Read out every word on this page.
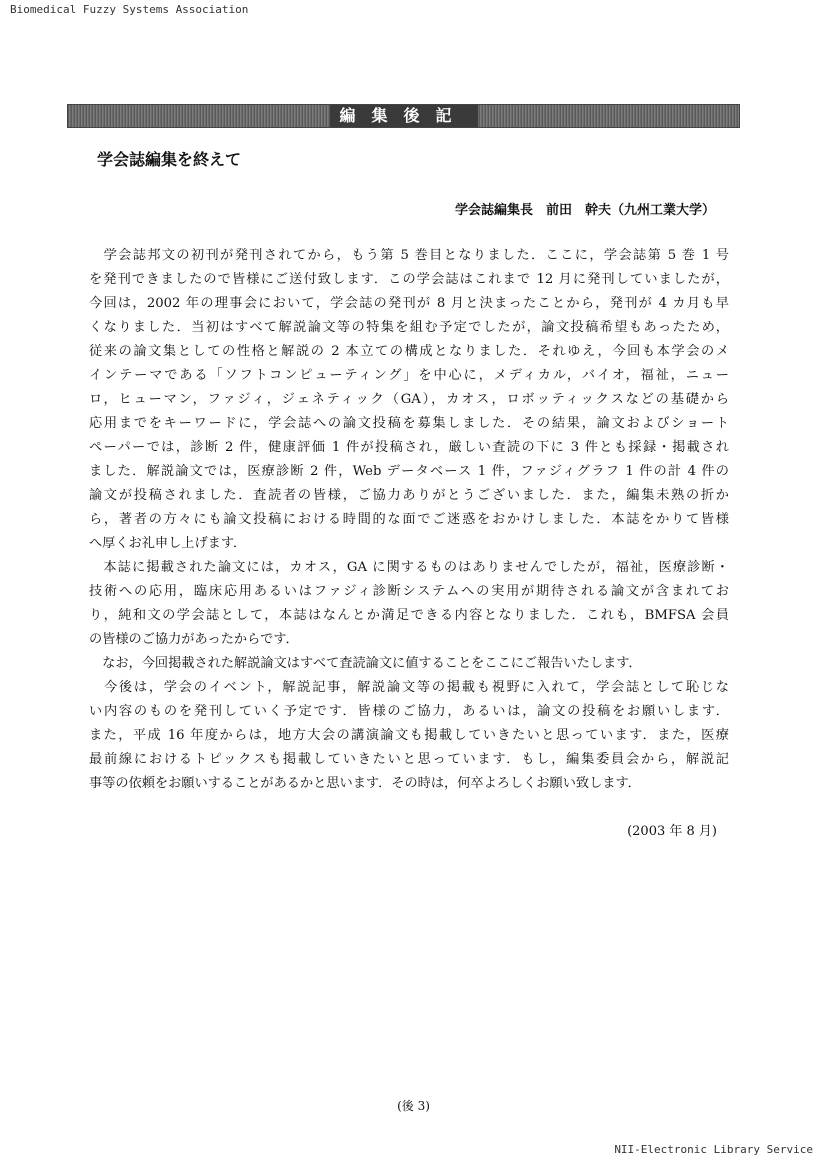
Biomedical Fuzzy Systems Association
編集後記
学会誌編集を終えて
学会誌編集長　前田　幹夫（九州工業大学）
　学会誌邦文の初刊が発刊されてから，もう第 5 巻目となりました．ここに，学会誌第 5 巻 1 号
を発刊できましたので皆様にご送付致します．この学会誌はこれまで 12 月に発刊していましたが，
今回は，2002 年の理事会において，学会誌の発刊が 8 月と決まったことから，発刊が 4 カ月も早
くなりました．当初はすべて解説論文等の特集を組む予定でしたが，論文投稿希望もあったため，
従来の論文集としての性格と解説の 2 本立ての構成となりました．それゆえ，今回も本学会のメ
インテーマである「ソフトコンピューティング」を中心に，メディカル，バイオ，福祉，ニュー
ロ，ヒューマン，ファジィ，ジェネティック（GA），カオス，ロボッティックスなどの基礎から
応用までをキーワードに，学会誌への論文投稿を募集しました．その結果，論文およびショート
ペーパーでは，診断 2 件，健康評価 1 件が投稿され，厳しい査読の下に 3 件とも採録・掲載され
ました．解説論文では，医療診断 2 件，Web データベース 1 件，ファジィグラフ 1 件の計 4 件の
論文が投稿されました．査読者の皆様，ご協力ありがとうございました．また，編集未熟の折か
ら，著者の方々にも論文投稿における時間的な面でご迷惑をおかけしました．本誌をかりて皆様
へ厚くお礼申し上げます．
　本誌に掲載された論文には，カオス，GA に関するものはありませんでしたが，福祉，医療診断・
技術への応用，臨床応用あるいはファジィ診断システムへの実用が期待される論文が含まれてお
り，純和文の学会誌として，本誌はなんとか満足できる内容となりました．これも，BMFSA 会員
の皆様のご協力があったからです．
　なお，今回掲載された解説論文はすべて査読論文に値することをここにご報告いたします．
　今後は，学会のイベント，解説記事，解説論文等の掲載も視野に入れて，学会誌として恥じな
い内容のものを発刊していく予定です．皆様のご協力，あるいは，論文の投稿をお願いします．
また，平成 16 年度からは，地方大会の講演論文も掲載していきたいと思っています．また，医療
最前線におけるトピックスも掲載していきたいと思っています．もし，編集委員会から，解説記
事等の依頼をお願いすることがあるかと思います．その時は，何卒よろしくお願い致します．
(2003 年 8 月)
(後 3)
NII-Electronic Library Service
